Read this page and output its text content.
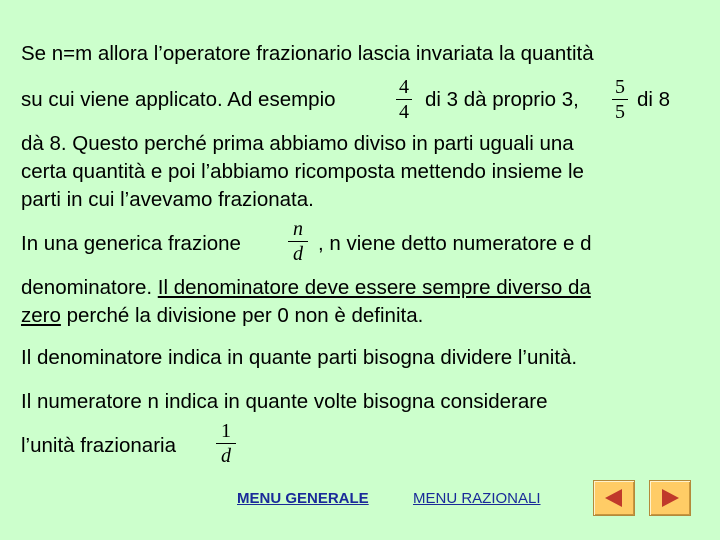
Se n=m allora l’operatore frazionario lascia invariata la quantità
su cui viene applicato. Ad esempio
4
4
di 3 dà proprio 3,
5
5
di 8
dà 8. Questo perché prima abbiamo diviso in parti uguali una
certa quantità e poi l’abbiamo ricomposta mettendo insieme le
parti in cui l’avevamo frazionata.
In una generica frazione
n
d , n viene detto numeratore e d
denominatore. Il denominatore deve essere sempre diverso da
zero perché la divisione per 0 non è definita.
Il denominatore indica in quante parti bisogna dividere l’unità.
Il numeratore n indica in quante volte bisogna considerare
l’unità frazionaria
1
d
MENU GENERALE	MENU RAZIONALI
